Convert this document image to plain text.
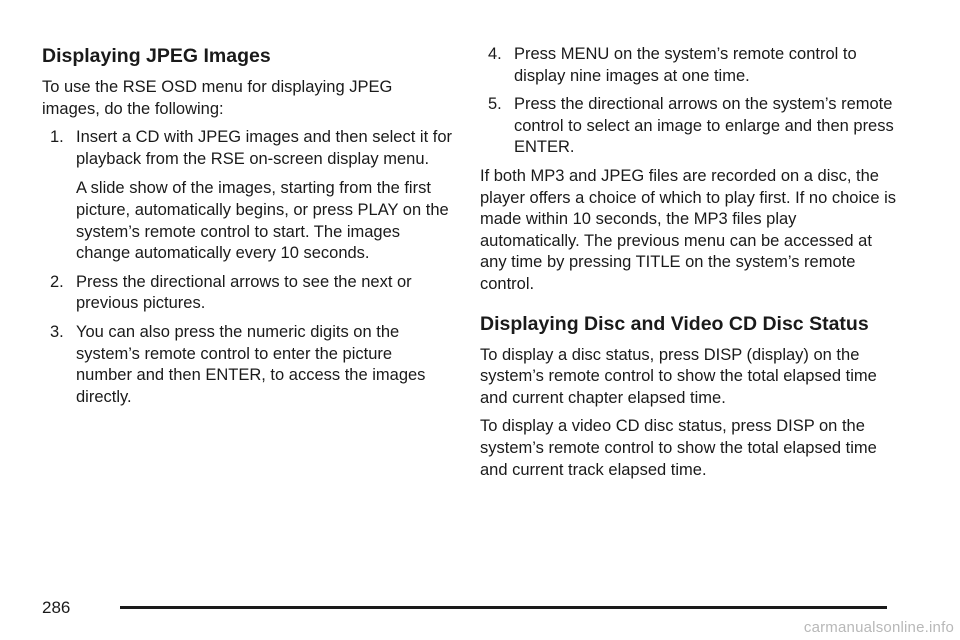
Displaying JPEG Images

To use the RSE OSD menu for displaying JPEG images, do the following:

1. Insert a CD with JPEG images and then select it for playback from the RSE on-screen display menu.

A slide show of the images, starting from the first picture, automatically begins, or press PLAY on the system’s remote control to start. The images change automatically every 10 seconds.

2. Press the directional arrows to see the next or previous pictures.
3. You can also press the numeric digits on the system’s remote control to enter the picture number and then ENTER, to access the images directly.
4. Press MENU on the system’s remote control to display nine images at one time.
5. Press the directional arrows on the system’s remote control to select an image to enlarge and then press ENTER.

If both MP3 and JPEG files are recorded on a disc, the player offers a choice of which to play first. If no choice is made within 10 seconds, the MP3 files play automatically. The previous menu can be accessed at any time by pressing TITLE on the system’s remote control.

Displaying Disc and Video CD Disc Status

To display a disc status, press DISP (display) on the system’s remote control to show the total elapsed time and current chapter elapsed time.

To display a video CD disc status, press DISP on the system’s remote control to show the total elapsed time and current track elapsed time.

286
carmanualsonline.info
